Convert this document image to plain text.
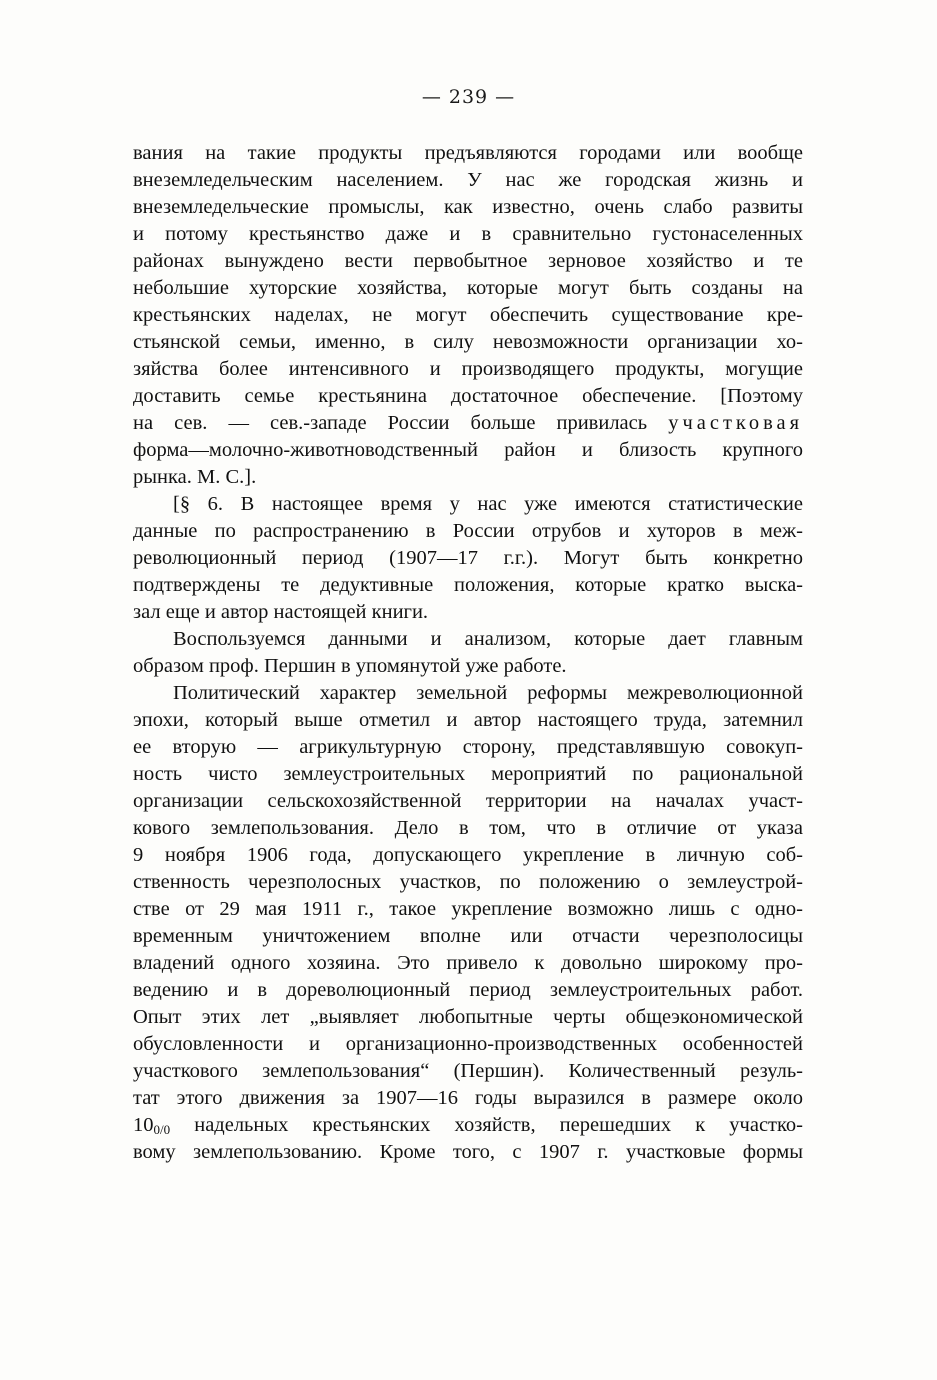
— 239 —
вания на такие продукты предъявляются городами или вообще
внеземледельческим населением. У нас же городская жизнь и
внеземледельческие промыслы, как известно, очень слабо развиты
и потому крестьянство даже и в сравнительно густонаселенных
районах вынуждено вести первобытное зерновое хозяйство и те
небольшие хуторские хозяйства, которые могут быть созданы на
крестьянских наделах, не могут обеспечить существование кре-
стьянской семьи, именно, в силу невозможности организации хо-
зяйства более интенсивного и производящего продукты, могущие
доставить семье крестьянина достаточное обеспечение. [Поэтому
на сев. — сев.-западе России больше привилась участковая
форма—молочно-животноводственный район и близость крупного
рынка. М. С.].
[§ 6. В настоящее время у нас уже имеются статистические
данные по распространению в России отрубов и хуторов в меж-
революционный период (1907—17 г.г.). Могут быть конкретно
подтверждены те дедуктивные положения, которые кратко выска-
зал еще и автор настоящей книги.
Воспользуемся данными и анализом, которые дает главным
образом проф. Першин в упомянутой уже работе.
Политический характер земельной реформы межреволюционной
эпохи, который выше отметил и автор настоящего труда, затемнил
ее вторую — агрикультурную сторону, представлявшую совокуп-
ность чисто землеустроительных мероприятий по рациональной
организации сельскохозяйственной территории на началах участ-
кового землепользования. Дело в том, что в отличие от указа
9 ноября 1906 года, допускающего укрепление в личную соб-
ственность черезполосных участков, по положению о землеустрой-
стве от 29 мая 1911 г., такое укрепление возможно лишь с одно-
временным уничтожением вполне или отчасти черезполосицы
владений одного хозяина. Это привело к довольно широкому про-
ведению и в дореволюционный период землеустроительных работ.
Опыт этих лет „выявляет любопытные черты общеэкономической
обусловленности и организационно-производственных особенностей
участкового землепользования“ (Першин). Количественный резуль-
тат этого движения за 1907—16 годы выразился в размере около
$10_{0/0}$ надельных крестьянских хозяйств, перешедших к участко-
вому землепользованию. Кроме того, с 1907 г. участковые формы
